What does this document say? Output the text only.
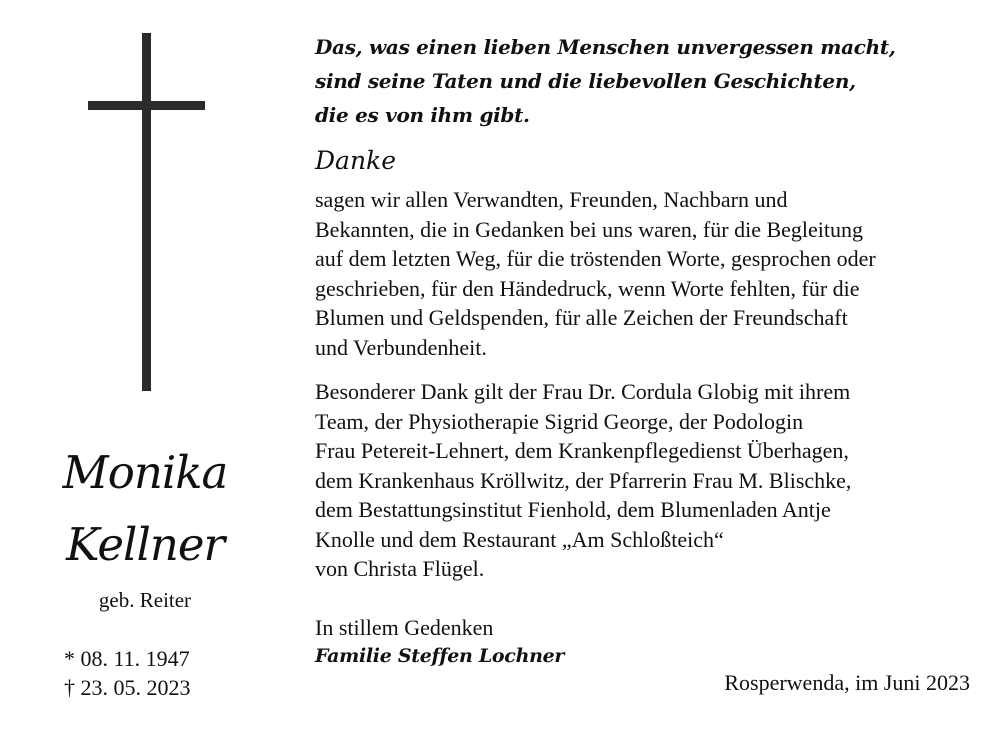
Monika
Kellner
geb. Reiter
* 08. 11. 1947
† 23. 05. 2023
Das, was einen lieben Menschen unvergessen macht,
sind seine Taten und die liebevollen Geschichten,
die es von ihm gibt.
Danke
sagen wir allen Verwandten, Freunden, Nachbarn und
Bekannten, die in Gedanken bei uns waren, für die Begleitung
auf dem letzten Weg, für die tröstenden Worte, gesprochen oder
geschrieben, für den Händedruck, wenn Worte fehlten, für die
Blumen und Geldspenden, für alle Zeichen der Freundschaft
und Verbundenheit.
Besonderer Dank gilt der Frau Dr. Cordula Globig mit ihrem
Team, der Physiotherapie Sigrid George, der Podologin
Frau Petereit-Lehnert, dem Krankenpflegedienst Überhagen,
dem Krankenhaus Kröllwitz, der Pfarrerin Frau M. Blischke,
dem Bestattungsinstitut Fienhold, dem Blumenladen Antje
Knolle und dem Restaurant „Am Schloßteich“
von Christa Flügel.
In stillem Gedenken
Familie Steffen Lochner
Rosperwenda, im Juni 2023
